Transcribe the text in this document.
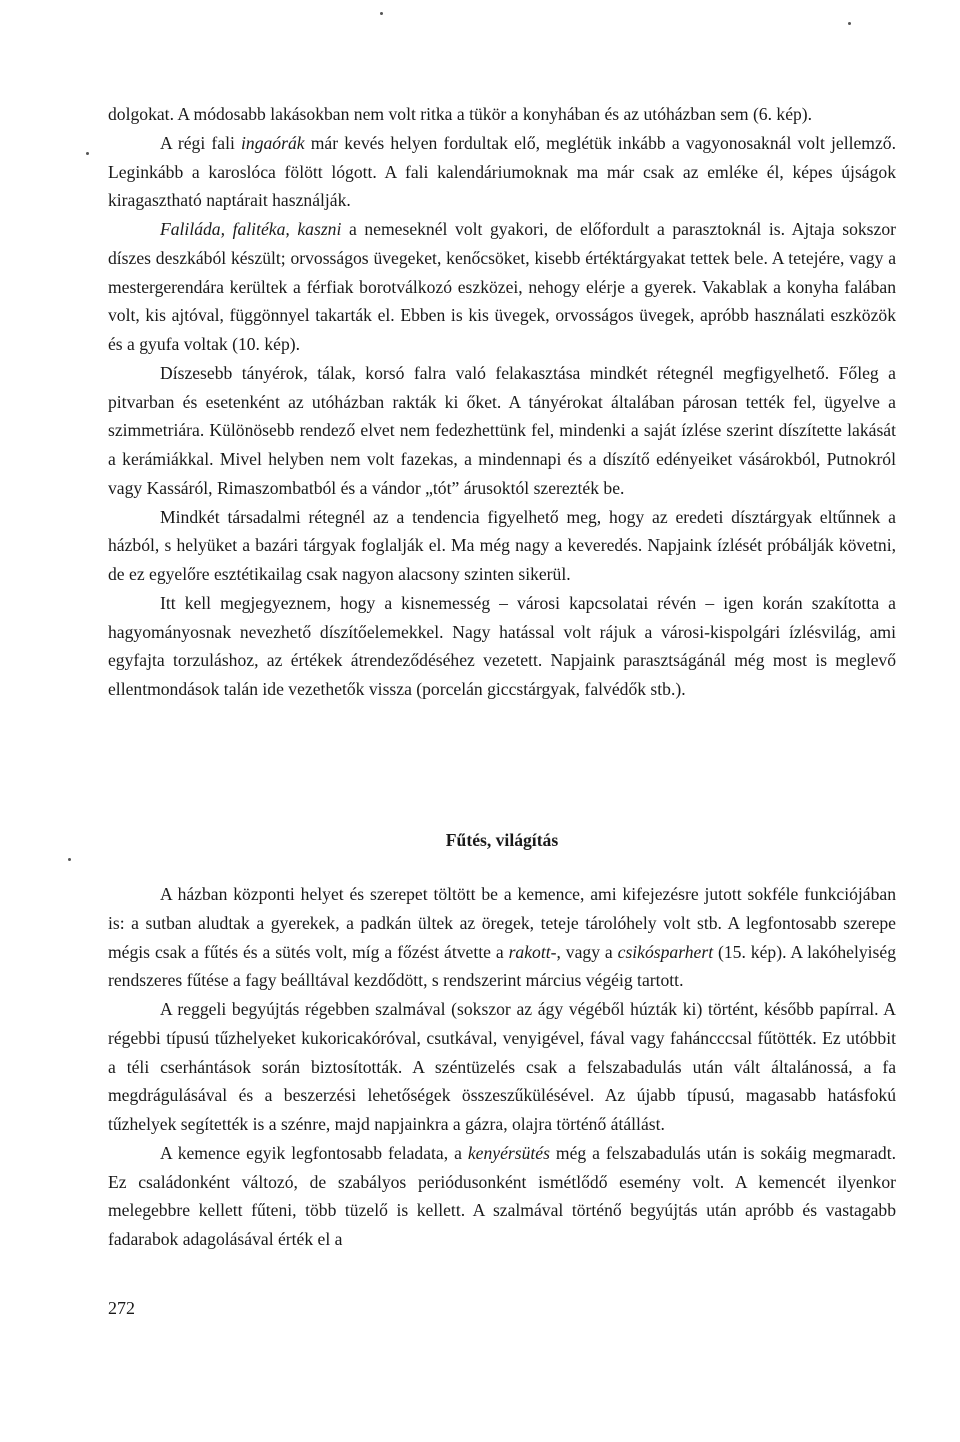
dolgokat. A módosabb lakásokban nem volt ritka a tükör a konyhában és az utóházban sem (6. kép).

A régi fali ingaórák már kevés helyen fordultak elő, meglétük inkább a vagyonosaknál volt jellemző. Leginkább a karoslóca fölött lógott. A fali kalendáriumoknak ma már csak az emléke él, képes újságok kiragasztható naptárait használják.

Faliláda, falitéka, kaszni a nemeseknél volt gyakori, de előfordult a parasztoknál is. Ajtaja sokszor díszes deszkából készült; orvosságos üvegeket, kenőcsöket, kisebb értéktárgyakat tettek bele. A tetejére, vagy a mestergerendára kerültek a férfiak borotválkozó eszközei, nehogy elérje a gyerek. Vakablak a konyha falában volt, kis ajtóval, függönnyel takarták el. Ebben is kis üvegek, orvosságos üvegek, apróbb használati eszközök és a gyufa voltak (10. kép).

Díszesebb tányérok, tálak, korsó falra való felakasztása mindkét rétegnél megfigyelhető. Főleg a pitvarban és esetenként az utóházban rakták ki őket. A tányérokat általában párosan tették fel, ügyelve a szimmetriára. Különösebb rendező elvet nem fedezhettünk fel, mindenki a saját ízlése szerint díszítette lakását a kerámiákkal. Mivel helyben nem volt fazekas, a mindennapi és a díszítő edényeiket vásárokból, Putnokról vagy Kassáról, Rimaszombatból és a vándor „tót” árusoktól szerezték be.

Mindkét társadalmi rétegnél az a tendencia figyelhető meg, hogy az eredeti dísztárgyak eltűnnek a házból, s helyüket a bazári tárgyak foglalják el. Ma még nagy a keveredés. Napjaink ízlését próbálják követni, de ez egyelőre esztétikailag csak nagyon alacsony szinten sikerül.

Itt kell megjegyeznem, hogy a kisnemesség – városi kapcsolatai révén – igen korán szakította a hagyományosnak nevezhető díszítőelemekkel. Nagy hatással volt rájuk a városi-kispolgári ízlésvilág, ami egyfajta torzuláshoz, az értékek átrendeződéséhez vezetett. Napjaink parasztságánál még most is meglevő ellentmondások talán ide vezethetők vissza (porcelán giccstárgyak, falvédők stb.).

Fűtés, világítás

A házban központi helyet és szerepet töltött be a kemence, ami kifejezésre jutott sokféle funkciójában is: a sutban aludtak a gyerekek, a padkán ültek az öregek, teteje tárolóhely volt stb. A legfontosabb szerepe mégis csak a fűtés és a sütés volt, míg a főzést átvette a rakott-, vagy a csikósparhert (15. kép). A lakóhelyiség rendszeres fűtése a fagy beálltával kezdődött, s rendszerint március végéig tartott.

A reggeli begyújtás régebben szalmával (sokszor az ágy végéből húzták ki) történt, később papírral. A régebbi típusú tűzhelyeket kukoricakóróval, csutkával, venyigével, fával vagy faháncccsal fűtötték. Ez utóbbit a téli cserhántások során biztosították. A széntüzelés csak a felszabadulás után vált általánossá, a fa megdrágulásával és a beszerzési lehetőségek összeszűkülésével. Az újabb típusú, magasabb hatásfokú tűzhelyek segítették is a szénre, majd napjainkra a gázra, olajra történő átállást.

A kemence egyik legfontosabb feladata, a kenyérsütés még a felszabadulás után is sokáig megmaradt. Ez családonként változó, de szabályos periódusonként ismétlődő esemény volt. A kemencét ilyenkor melegebbre kellett fűteni, több tüzelő is kellett. A szalmával történő begyújtás után apróbb és vastagabb fadarabok adagolásával érték el a

272
